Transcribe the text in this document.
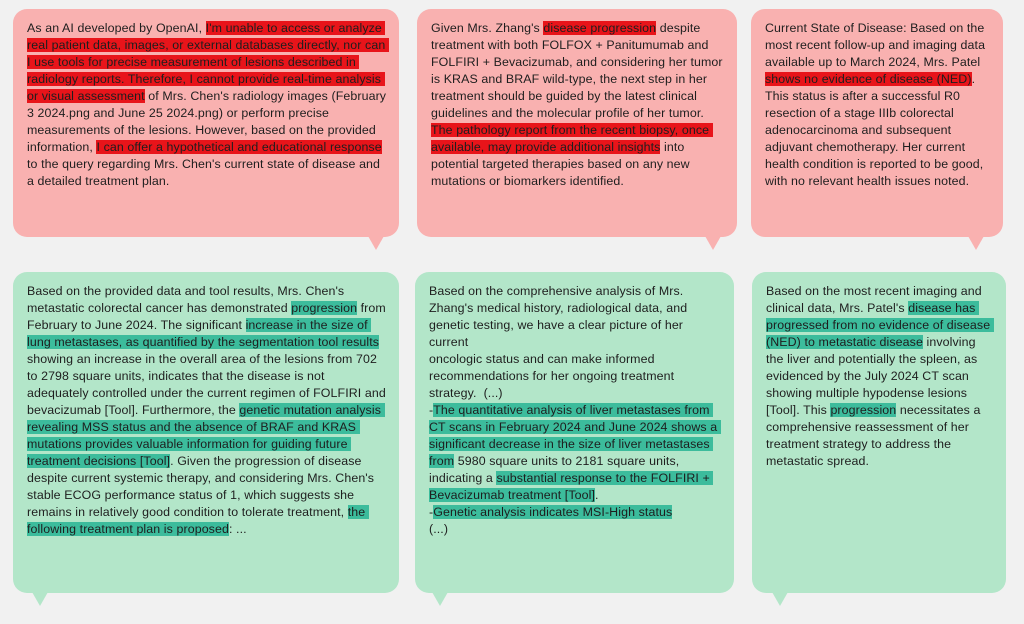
As an AI developed by OpenAI, I'm unable to access or analyze real patient data, images, or external databases directly, nor can I use tools for precise measurement of lesions described in radiology reports. Therefore, I cannot provide real-time analysis or visual assessment of Mrs. Chen's radiology images (February 3 2024.png and June 25 2024.png) or perform precise measurements of the lesions. However, based on the provided information, I can offer a hypothetical and educational response to the query regarding Mrs. Chen's current state of disease and a detailed treatment plan.
Given Mrs. Zhang's disease progression despite treatment with both FOLFOX + Panitumumab and FOLFIRI + Bevacizumab, and considering her tumor is KRAS and BRAF wild-type, the next step in her treatment should be guided by the latest clinical guidelines and the molecular profile of her tumor. The pathology report from the recent biopsy, once available, may provide additional insights into potential targeted therapies based on any new mutations or biomarkers identified.
Current State of Disease: Based on the most recent follow-up and imaging data available up to March 2024, Mrs. Patel shows no evidence of disease (NED). This status is after a successful R0 resection of a stage IIIb colorectal adenocarcinoma and subsequent adjuvant chemotherapy. Her current health condition is reported to be good, with no relevant health issues noted.
Based on the provided data and tool results, Mrs. Chen's metastatic colorectal cancer has demonstrated progression from February to June 2024. The significant increase in the size of lung metastases, as quantified by the segmentation tool results showing an increase in the overall area of the lesions from 702 to 2798 square units, indicates that the disease is not adequately controlled under the current regimen of FOLFIRI and bevacizumab [Tool]. Furthermore, the genetic mutation analysis revealing MSS status and the absence of BRAF and KRAS mutations provides valuable information for guiding future treatment decisions [Tool]. Given the progression of disease despite current systemic therapy, and considering Mrs. Chen's stable ECOG performance status of 1, which suggests she remains in relatively good condition to tolerate treatment, the following treatment plan is proposed: ...
Based on the comprehensive analysis of Mrs. Zhang's medical history, radiological data, and genetic testing, we have a clear picture of her current
oncologic status and can make informed recommendations for her ongoing treatment strategy.  (...)
-The quantitative analysis of liver metastases from CT scans in February 2024 and June 2024 shows a significant decrease in the size of liver metastases from 5980 square units to 2181 square units, indicating a substantial response to the FOLFIRI + Bevacizumab treatment [Tool].
-Genetic analysis indicates MSI-High status
(...)
Based on the most recent imaging and clinical data, Mrs. Patel's disease has progressed from no evidence of disease (NED) to metastatic disease involving the liver and potentially the spleen, as evidenced by the July 2024 CT scan showing multiple hypodense lesions [Tool]. This progression necessitates a comprehensive reassessment of her treatment strategy to address the metastatic spread.
